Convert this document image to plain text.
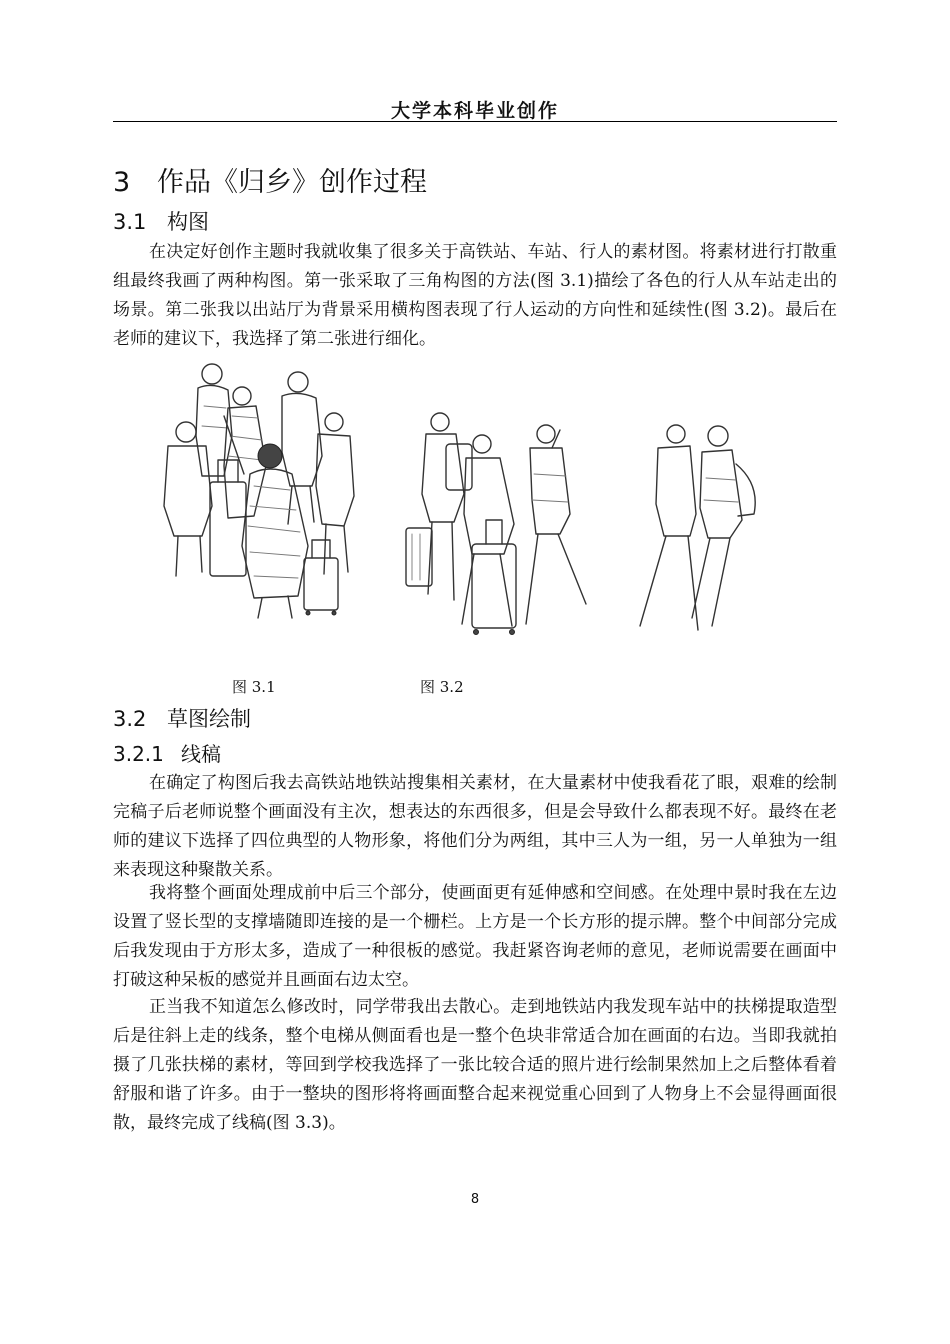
大学本科毕业创作
3 作品《归乡》创作过程
3.1 构图

在决定好创作主题时我就收集了很多关于高铁站、车站、行人的素材图。将素材进行打散重组最终我画了两种构图。第一张采取了三角构图的方法(图 3.1)描绘了各色的行人从车站走出的场景。第二张我以出站厅为背景采用横构图表现了行人运动的方向性和延续性(图 3.2)。最后在老师的建议下，我选择了第二张进行细化。

图 3.1	图 3.2
3.2 草图绘制
3.2.1 线稿

在确定了构图后我去高铁站地铁站搜集相关素材，在大量素材中使我看花了眼，艰难的绘制完稿子后老师说整个画面没有主次，想表达的东西很多，但是会导致什么都表现不好。最终在老师的建议下选择了四位典型的人物形象，将他们分为两组，其中三人为一组，另一人单独为一组来表现这种聚散关系。

我将整个画面处理成前中后三个部分，使画面更有延伸感和空间感。在处理中景时我在左边设置了竖长型的支撑墙随即连接的是一个栅栏。上方是一个长方形的提示牌。整个中间部分完成后我发现由于方形太多，造成了一种很板的感觉。我赶紧咨询老师的意见，老师说需要在画面中打破这种呆板的感觉并且画面右边太空。

正当我不知道怎么修改时，同学带我出去散心。走到地铁站内我发现车站中的扶梯提取造型后是往斜上走的线条，整个电梯从侧面看也是一整个色块非常适合加在画面的右边。当即我就拍摄了几张扶梯的素材，等回到学校我选择了一张比较合适的照片进行绘制果然加上之后整体看着舒服和谐了许多。由于一整块的图形将将画面整合起来视觉重心回到了人物身上不会显得画面很散，最终完成了线稿(图 3.3)。

8
